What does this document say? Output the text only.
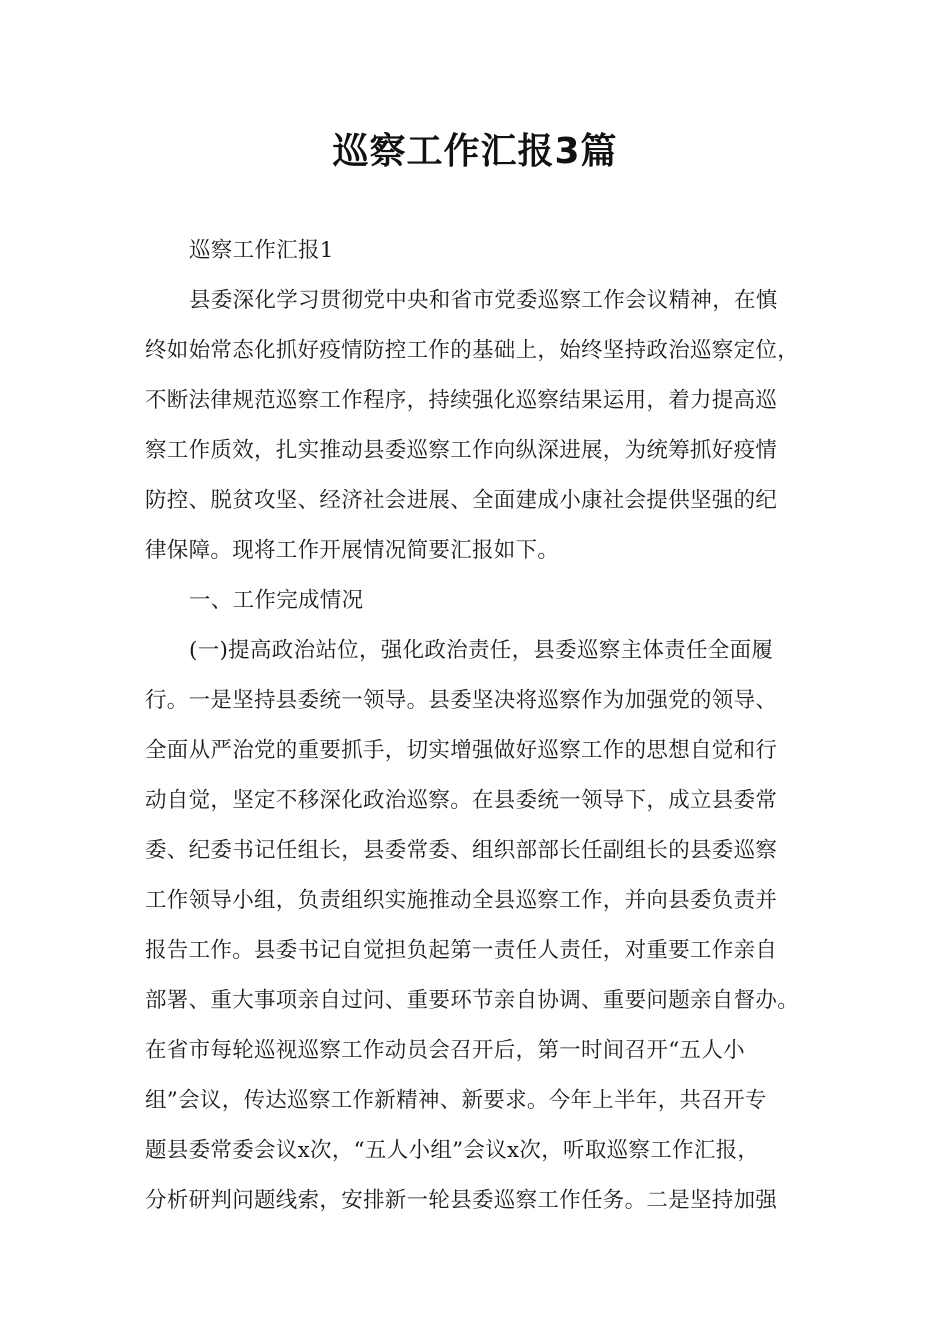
巡察工作汇报3篇
巡察工作汇报1
县委深化学习贯彻党中央和省市党委巡察工作会议精神，在慎
终如始常态化抓好疫情防控工作的基础上，始终坚持政治巡察定位，
不断法律规范巡察工作程序，持续强化巡察结果运用，着力提高巡
察工作质效，扎实推动县委巡察工作向纵深进展，为统筹抓好疫情
防控、脱贫攻坚、经济社会进展、全面建成小康社会提供坚强的纪
律保障。现将工作开展情况简要汇报如下。
一、工作完成情况
(一)提高政治站位，强化政治责任，县委巡察主体责任全面履
行。一是坚持县委统一领导。县委坚决将巡察作为加强党的领导、
全面从严治党的重要抓手，切实增强做好巡察工作的思想自觉和行
动自觉，坚定不移深化政治巡察。在县委统一领导下，成立县委常
委、纪委书记任组长，县委常委、组织部部长任副组长的县委巡察
工作领导小组，负责组织实施推动全县巡察工作，并向县委负责并
报告工作。县委书记自觉担负起第一责任人责任，对重要工作亲自
部署、重大事项亲自过问、重要环节亲自协调、重要问题亲自督办。
在省市每轮巡视巡察工作动员会召开后，第一时间召开“五人小
组”会议，传达巡察工作新精神、新要求。今年上半年，共召开专
题县委常委会议x次，“五人小组”会议x次，听取巡察工作汇报，
分析研判问题线索，安排新一轮县委巡察工作任务。二是坚持加强
